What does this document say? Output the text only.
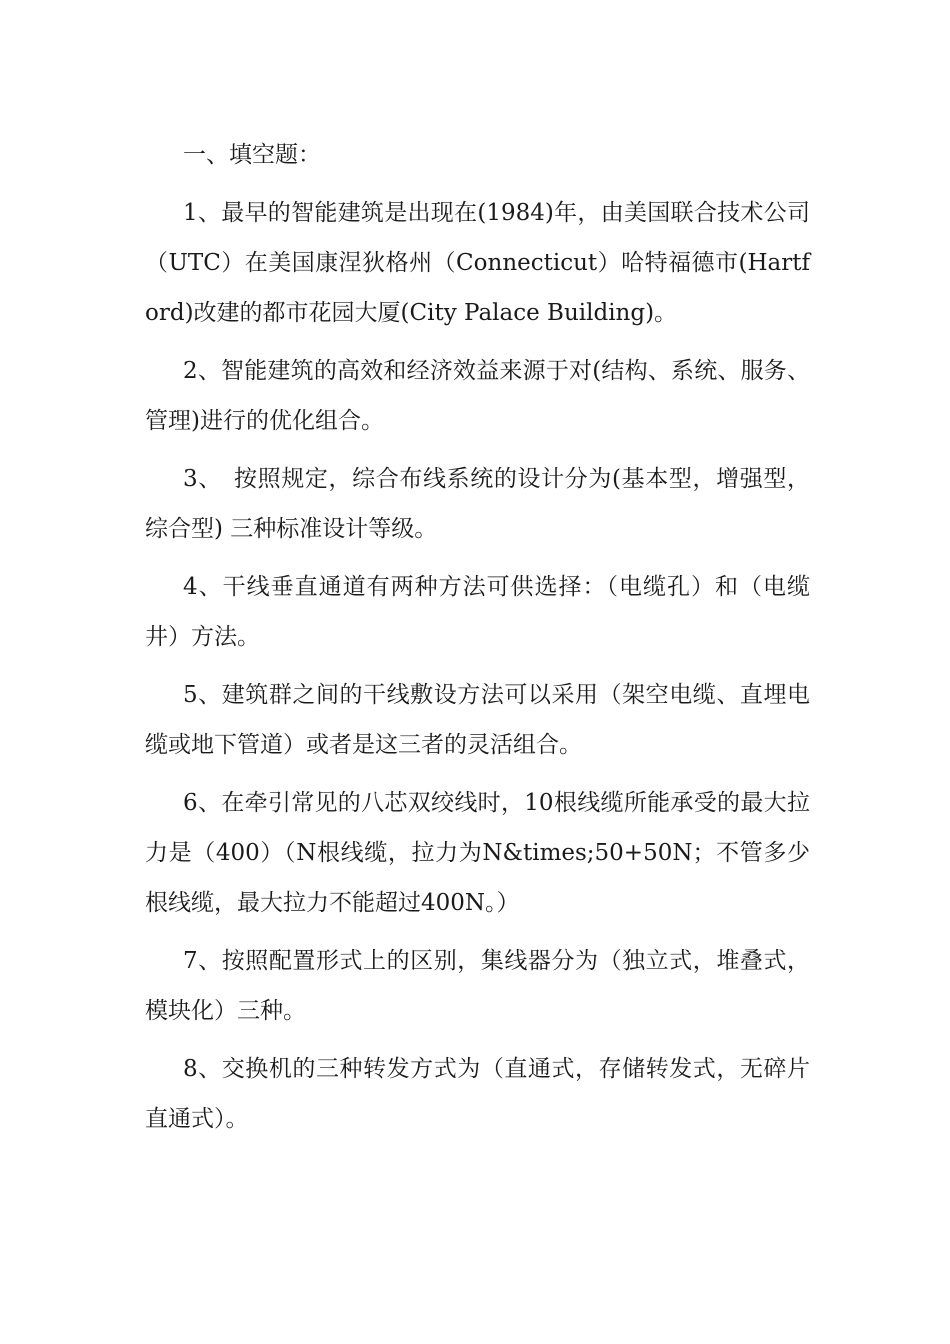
一、填空题：

1、最早的智能建筑是出现在(1984)年，由美国联合技术公司（UTC）在美国康涅狄格州（Connecticut）哈特福德市(Hartford)改建的都市花园大厦(City Palace Building)。

2、智能建筑的高效和经济效益来源于对(结构、系统、服务、管理)进行的优化组合。

3、　按照规定，综合布线系统的设计分为(基本型，增强型，综合型) 三种标准设计等级。

4、干线垂直通道有两种方法可供选择：（电缆孔）和（电缆井）方法。

5、建筑群之间的干线敷设方法可以采用（架空电缆、直埋电缆或地下管道）或者是这三者的灵活组合。

6、在牵引常见的八芯双绞线时，10根线缆所能承受的最大拉力是（400）（N根线缆，拉力为N&times;50+50N；不管多少根线缆，最大拉力不能超过400N。）

7、按照配置形式上的区别，集线器分为（独立式，堆叠式，模块化）三种。

8、交换机的三种转发方式为（直通式，存储转发式，无碎片直通式）。
